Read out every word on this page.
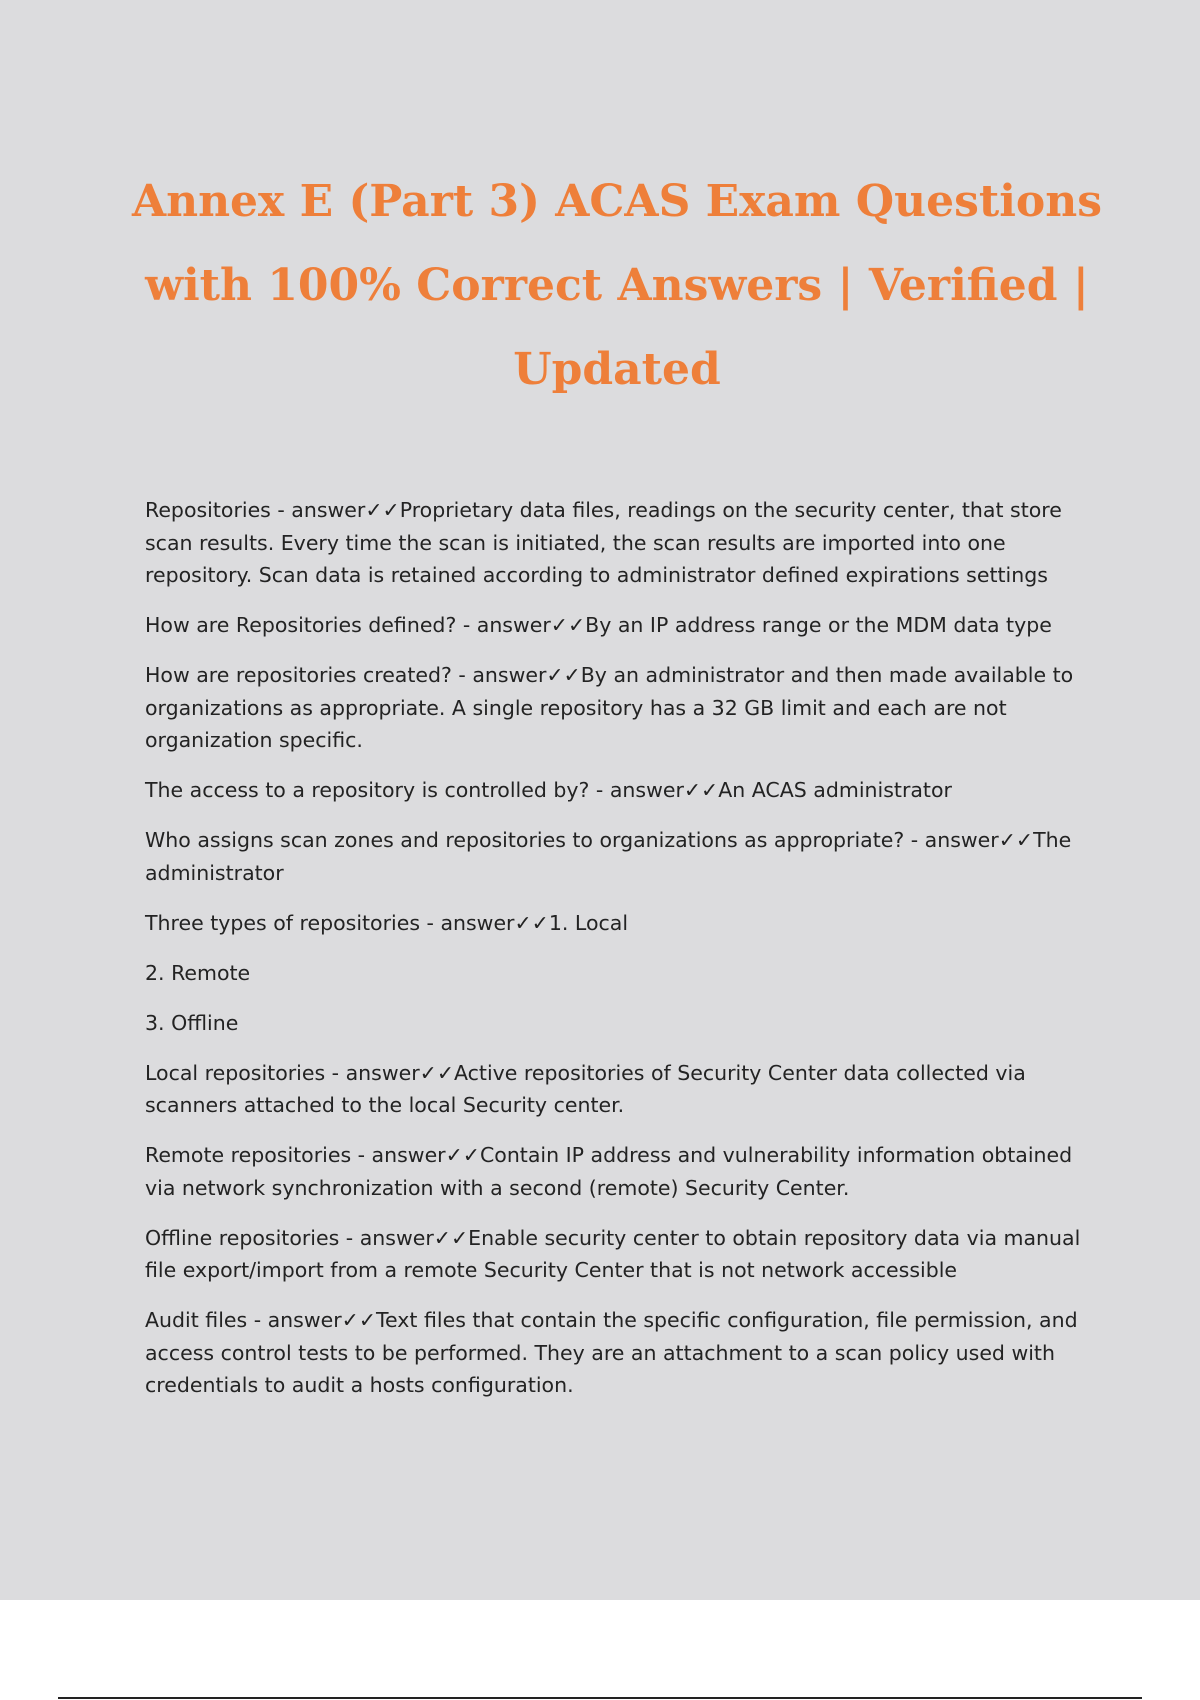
Annex E (Part 3) ACAS Exam Questions with 100% Correct Answers | Verified | Updated

Repositories - answer✓✓Proprietary data files, readings on the security center, that store scan results. Every time the scan is initiated, the scan results are imported into one repository. Scan data is retained according to administrator defined expirations settings

How are Repositories defined? - answer✓✓By an IP address range or the MDM data type

How are repositories created? - answer✓✓By an administrator and then made available to organizations as appropriate. A single repository has a 32 GB limit and each are not organization specific.

The access to a repository is controlled by? - answer✓✓An ACAS administrator

Who assigns scan zones and repositories to organizations as appropriate? - answer✓✓The administrator

Three types of repositories - answer✓✓1. Local

2. Remote

3. Offline

Local repositories - answer✓✓Active repositories of Security Center data collected via scanners attached to the local Security center.

Remote repositories - answer✓✓Contain IP address and vulnerability information obtained via network synchronization with a second (remote) Security Center.

Offline repositories - answer✓✓Enable security center to obtain repository data via manual file export/import from a remote Security Center that is not network accessible

Audit files - answer✓✓Text files that contain the specific configuration, file permission, and access control tests to be performed. They are an attachment to a scan policy used with credentials to audit a hosts configuration.
